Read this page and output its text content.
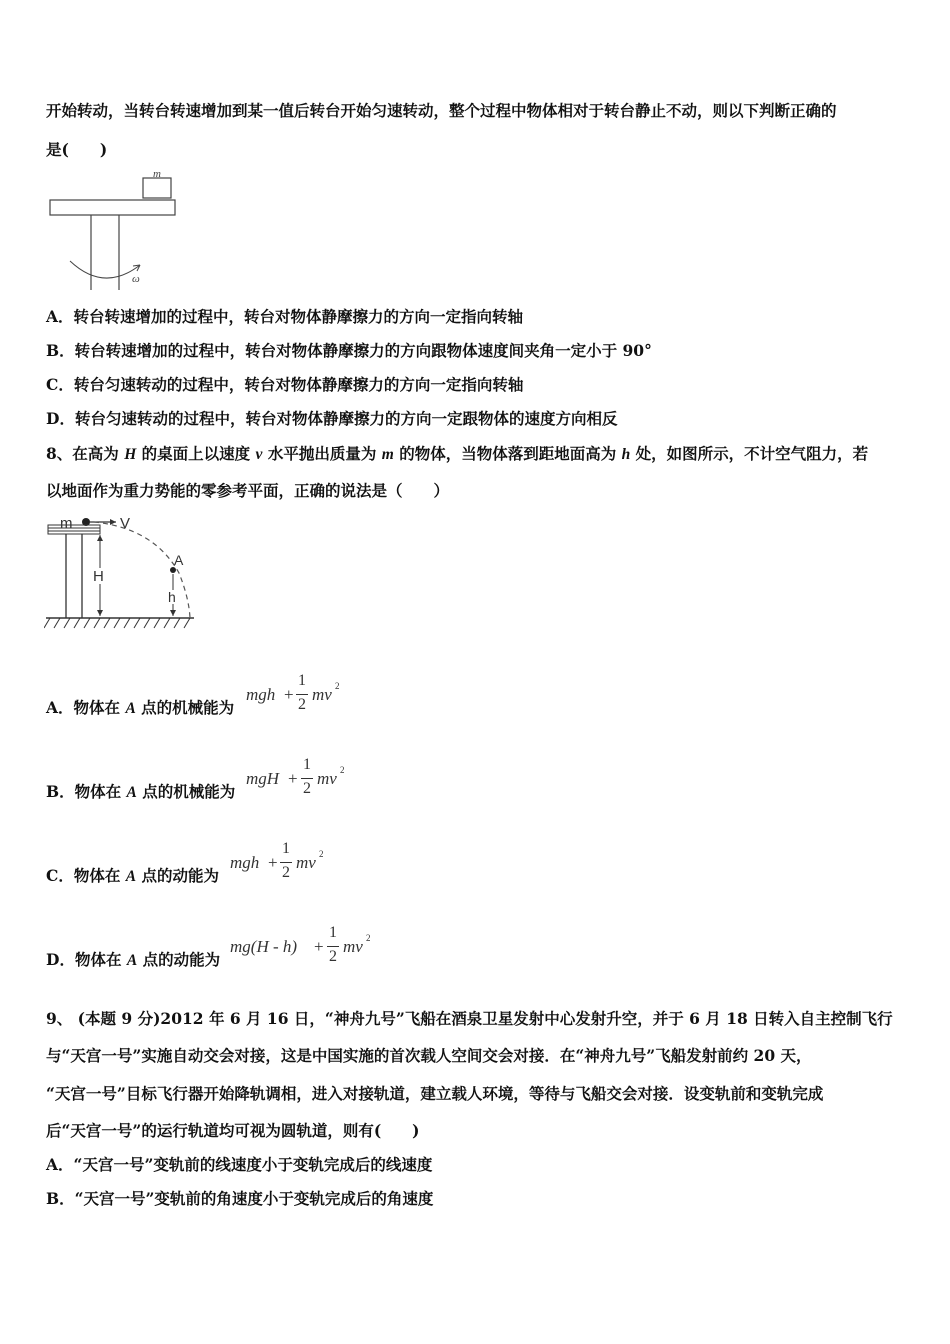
开始转动，当转台转速增加到某一值后转台开始匀速转动，整个过程中物体相对于转台静止不动，则以下判断正确的
是(　　)
m
ω
A．转台转速增加的过程中，转台对物体静摩擦力的方向一定指向转轴
B．转台转速增加的过程中，转台对物体静摩擦力的方向跟物体速度间夹角一定小于 90°
C．转台匀速转动的过程中，转台对物体静摩擦力的方向一定指向转轴
D．转台匀速转动的过程中，转台对物体静摩擦力的方向一定跟物体的速度方向相反
8、在高为 H 的桌面上以速度 v 水平抛出质量为 m 的物体，当物体落到距地面高为 h 处，如图所示，不计空气阻力，若
以地面作为重力势能的零参考平面，正确的说法是（　　）
m	V
H
A
h
A．物体在 A 点的机械能为
mgh +
1
2
mv 2
B．物体在 A 点的机械能为
mgH +
1
2
mv 2
C．物体在 A 点的动能为
mgh +
1
2
mv 2
D．物体在 A 点的动能为
mg(H - h) +
1
2
mv 2
9、 (本题 9 分)2012 年 6 月 16 日，“神舟九号”飞船在酒泉卫星发射中心发射升空，并于 6 月 18 日转入自主控制飞行
与“天宫一号”实施自动交会对接，这是中国实施的首次载人空间交会对接．在“神舟九号”飞船发射前约 20 天，
“天宫一号”目标飞行器开始降轨调相，进入对接轨道，建立载人环境，等待与飞船交会对接．设变轨前和变轨完成
后“天宫一号”的运行轨道均可视为圆轨道，则有(　　)
A．“天宫一号”变轨前的线速度小于变轨完成后的线速度
B．“天宫一号”变轨前的角速度小于变轨完成后的角速度
